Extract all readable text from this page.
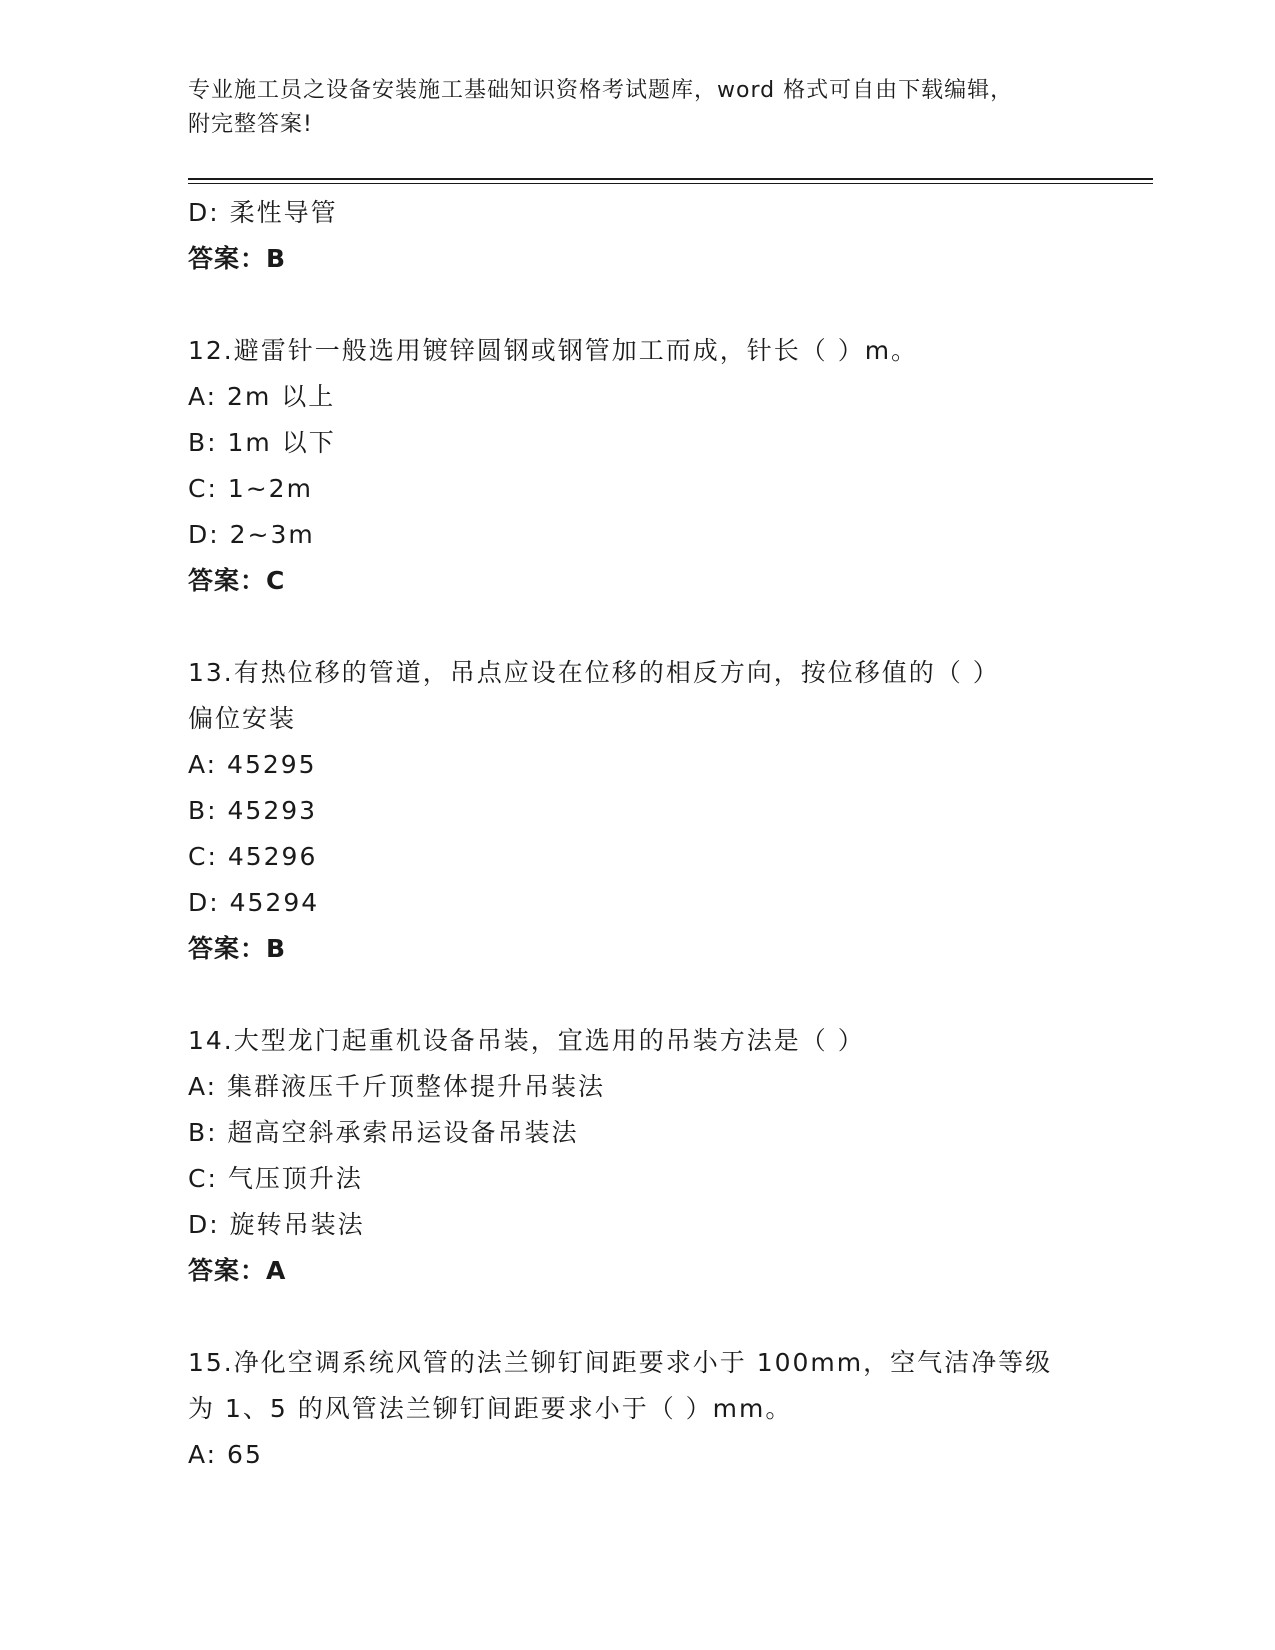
专业施工员之设备安装施工基础知识资格考试题库，word 格式可自由下载编辑，
附完整答案!
D: 柔性导管
答案：B
12.避雷针一般选用镀锌圆钢或钢管加工而成，针长（ ）m。
A: 2m 以上
B: 1m 以下
C: 1~2m
D: 2~3m
答案：C
13.有热位移的管道，吊点应设在位移的相反方向，按位移值的（ ）
偏位安装
A: 45295
B: 45293
C: 45296
D: 45294
答案：B
14.大型龙门起重机设备吊装，宜选用的吊装方法是（ ）
A: 集群液压千斤顶整体提升吊装法
B: 超高空斜承索吊运设备吊装法
C: 气压顶升法
D: 旋转吊装法
答案：A
15.净化空调系统风管的法兰铆钉间距要求小于 100mm，空气洁净等级
为 1、5 的风管法兰铆钉间距要求小于（ ）mm。
A: 65
